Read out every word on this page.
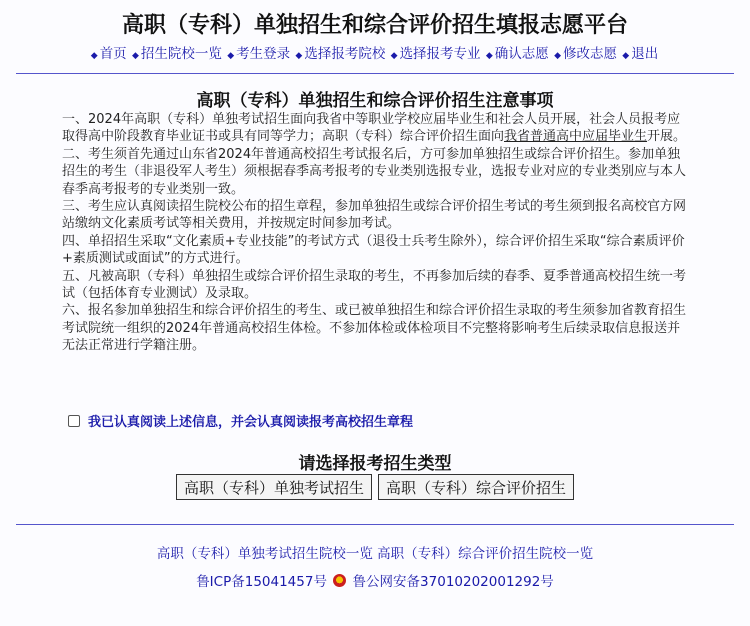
高职（专科）单独招生和综合评价招生填报志愿平台
◆ 首页 ◆ 招生院校一览 ◆ 考生登录 ◆ 选择报考院校 ◆ 选择报考专业 ◆ 确认志愿 ◆ 修改志愿 ◆ 退出
高职（专科）单独招生和综合评价招生注意事项

一、2024年高职（专科）单独考试招生面向我省中等职业学校应届毕业生和社会人员开展，社会人员报考应取得高中阶段教育毕业证书或具有同等学力；高职（专科）综合评价招生面向我省普通高中应届毕业生开展。

二、考生须首先通过山东省2024年普通高校招生考试报名后，方可参加单独招生或综合评价招生。参加单独招生的考生（非退役军人考生）须根据春季高考报考的专业类别选报专业，选报专业对应的专业类别应与本人春季高考报考的专业类别一致。

三、考生应认真阅读招生院校公布的招生章程，参加单独招生或综合评价招生考试的考生须到报名高校官方网站缴纳文化素质考试等相关费用，并按规定时间参加考试。

四、单招招生采取“文化素质+专业技能”的考试方式（退役士兵考生除外），综合评价招生采取“综合素质评价+素质测试或面试”的方式进行。

五、凡被高职（专科）单独招生或综合评价招生录取的考生，不再参加后续的春季、夏季普通高校招生统一考试（包括体育专业测试）及录取。

六、报名参加单独招生和综合评价招生的考生、或已被单独招生和综合评价招生录取的考生须参加省教育招生考试院统一组织的2024年普通高校招生体检。不参加体检或体检项目不完整将影响考生后续录取信息报送并无法正常进行学籍注册。

我已认真阅读上述信息，并会认真阅读报考高校招生章程
请选择报考招生类型
高职（专科）单独考试招生	高职（专科）综合评价招生
高职（专科）单独考试招生院校一览 高职（专科）综合评价招生院校一览
鲁ICP备15041457号 鲁公网安备37010202001292号
